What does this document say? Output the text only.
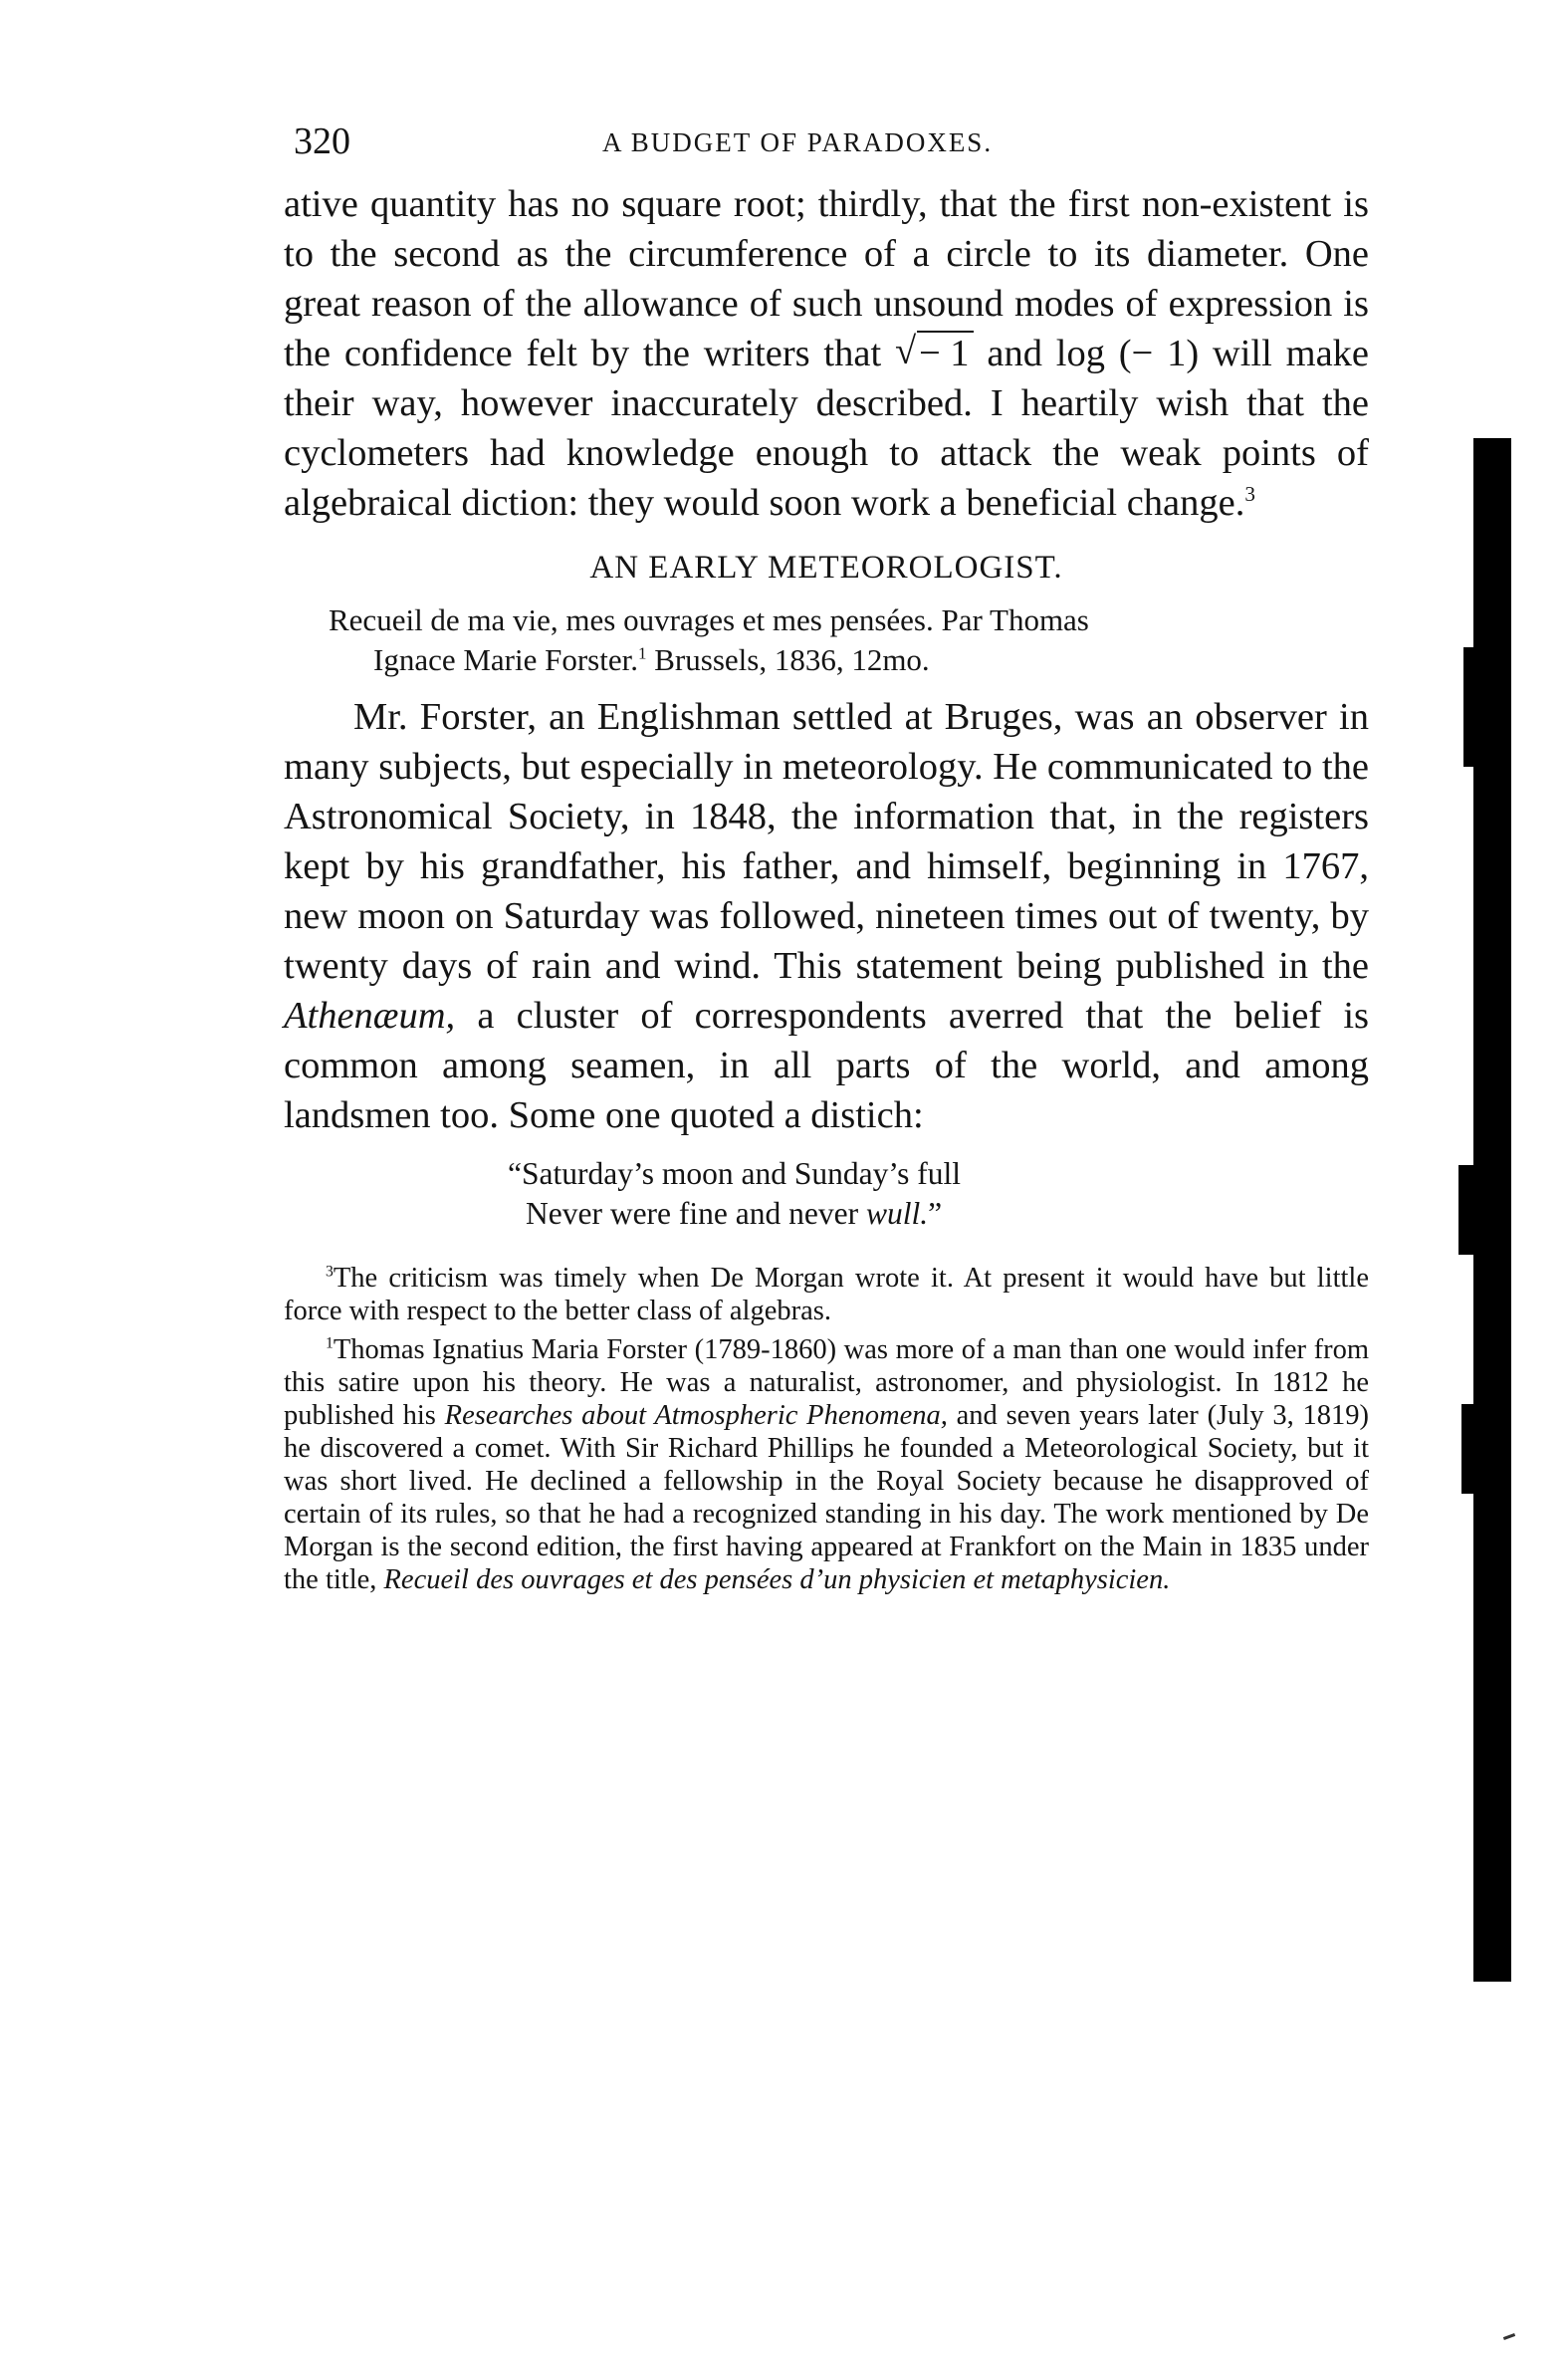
320	A BUDGET OF PARADOXES.

ative quantity has no square root; thirdly, that the first non-existent is to the second as the circumference of a circle to its diameter. One great reason of the allowance of such unsound modes of expression is the confidence felt by the writers that √ − 1 and log (− 1) will make their way, however inaccurately described. I heartily wish that the cyclometers had knowledge enough to attack the weak points of algebraical diction: they would soon work a beneficial change.$^3$

AN EARLY METEOROLOGIST.
Recueil de ma vie, mes ouvrages et mes pensées. Par Thomas
Ignace Marie Forster.$^1$ Brussels, 1836, 12mo.

Mr. Forster, an Englishman settled at Bruges, was an observer in many subjects, but especially in meteorology. He communicated to the Astronomical Society, in 1848, the information that, in the registers kept by his grandfather, his father, and himself, beginning in 1767, new moon on Saturday was followed, nineteen times out of twenty, by twenty days of rain and wind. This statement being published in the Athenæum, a cluster of correspondents averred that the belief is common among seamen, in all parts of the world, and among landsmen too. Some one quoted a distich:

“Saturday’s moon and Sunday’s full
Never were fine and never wull.”

$^3$The criticism was timely when De Morgan wrote it. At present it would have but little force with respect to the better class of algebras.

$^1$Thomas Ignatius Maria Forster (1789-1860) was more of a man than one would infer from this satire upon his theory. He was a naturalist, astronomer, and physiologist. In 1812 he published his Researches about Atmospheric Phenomena, and seven years later (July 3, 1819) he discovered a comet. With Sir Richard Phillips he founded a Meteorological Society, but it was short lived. He declined a fellowship in the Royal Society because he disapproved of certain of its rules, so that he had a recognized standing in his day. The work mentioned by De Morgan is the second edition, the first having appeared at Frankfort on the Main in 1835 under the title, Recueil des ouvrages et des pensées d’un physicien et metaphysicien.
